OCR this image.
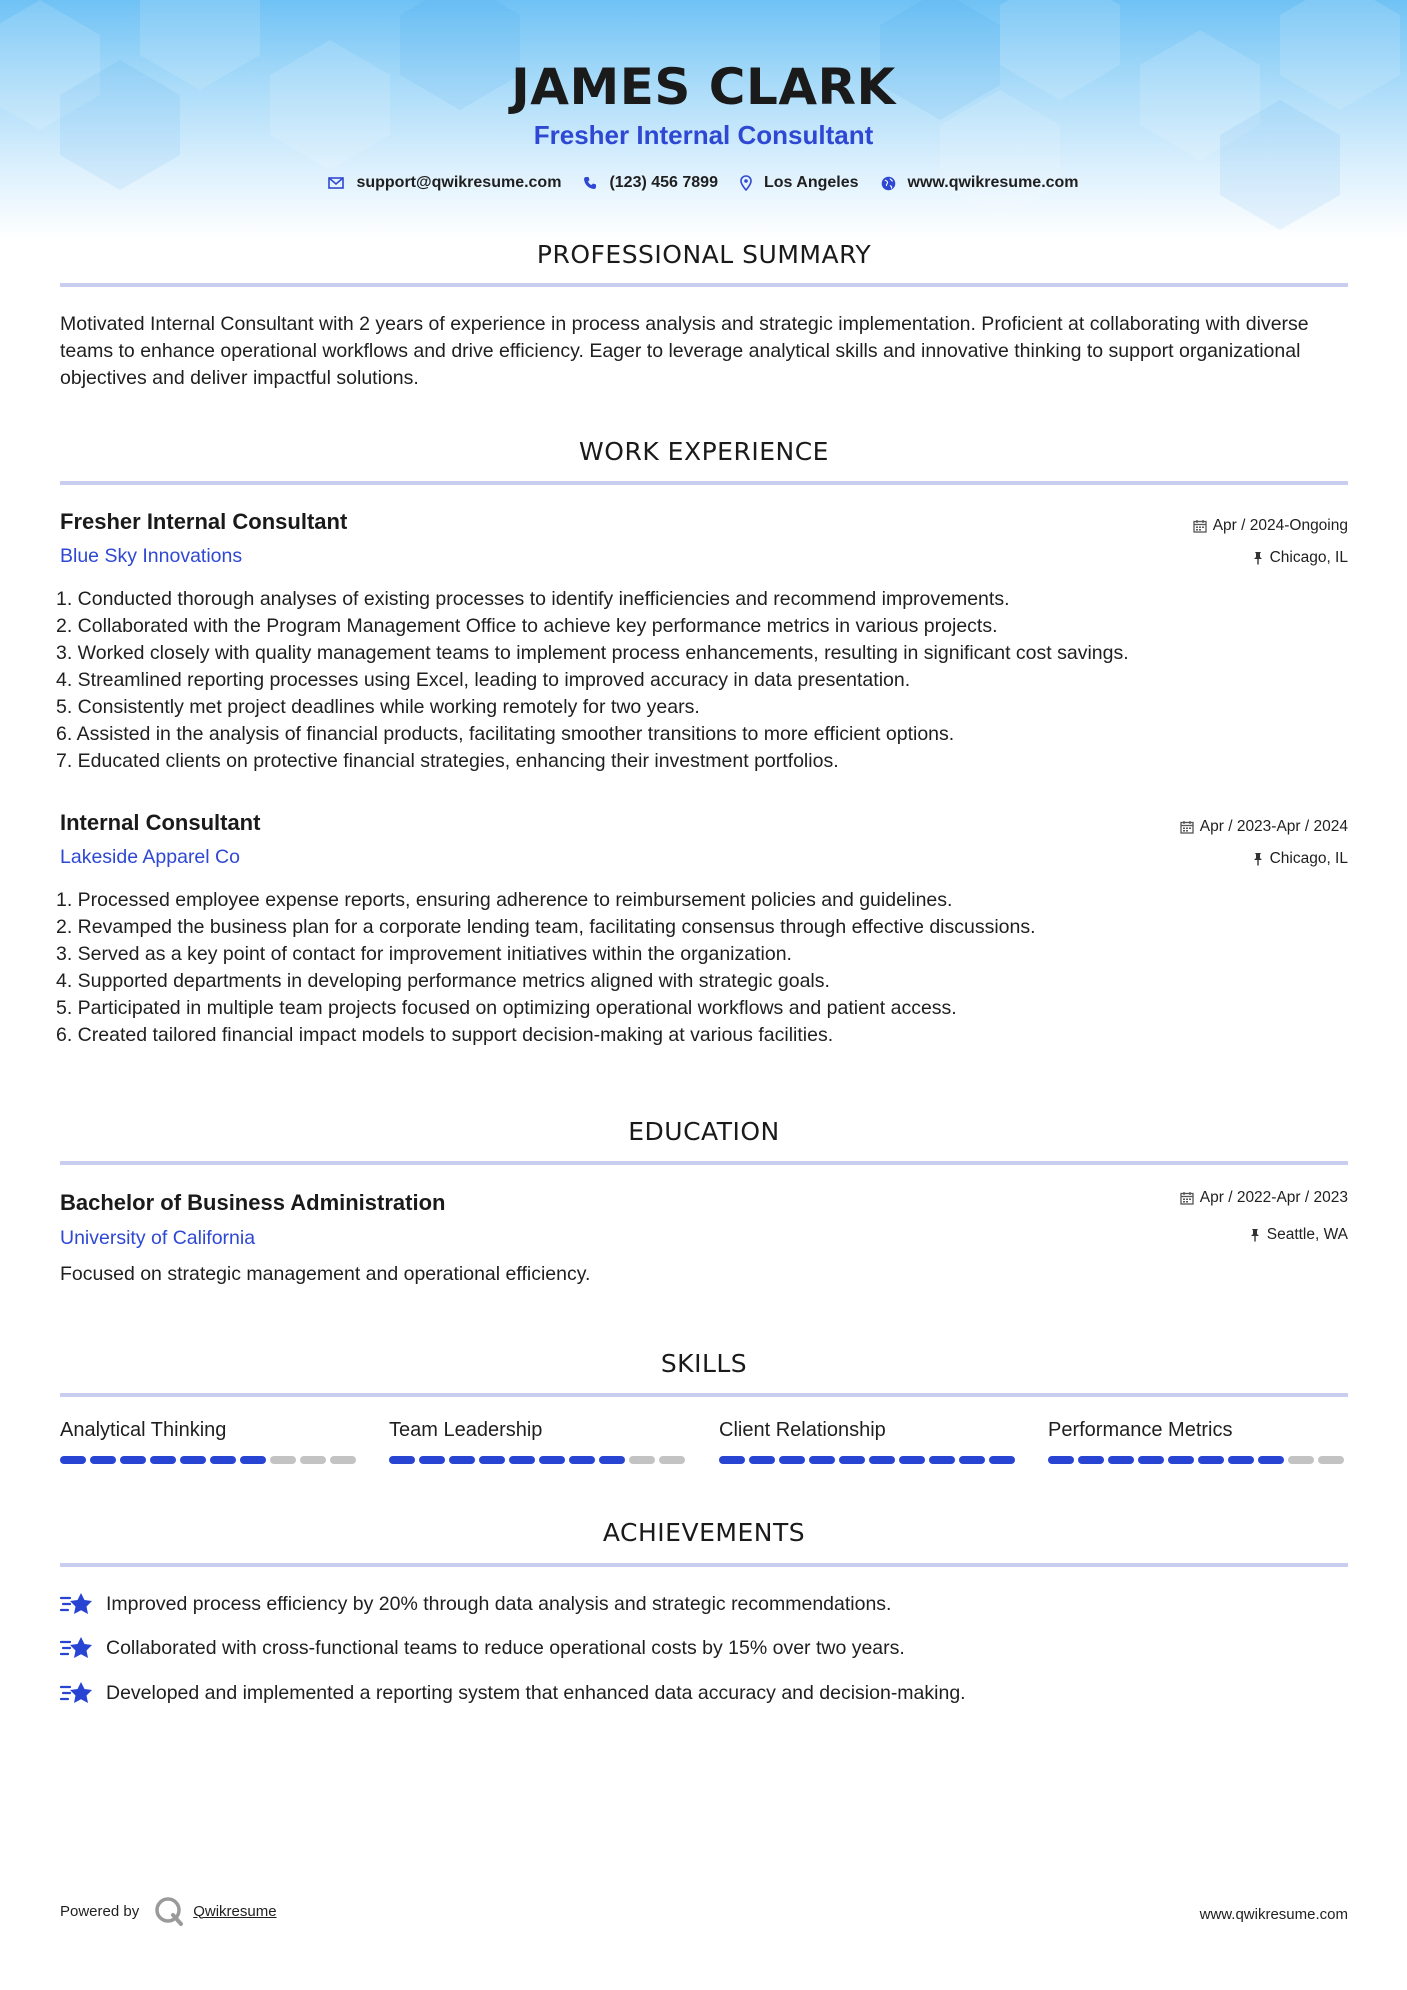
JAMES CLARK
Fresher Internal Consultant
support@qwikresume.com	(123) 456 7899	Los Angeles	www.qwikresume.com
PROFESSIONAL SUMMARY
Motivated Internal Consultant with 2 years of experience in process analysis and strategic implementation. Proficient at collaborating with diverse teams to enhance operational workflows and drive efficiency. Eager to leverage analytical skills and innovative thinking to support organizational objectives and deliver impactful solutions.
WORK EXPERIENCE
Fresher Internal Consultant	Apr / 2024-Ongoing
Blue Sky Innovations	Chicago, IL
1. Conducted thorough analyses of existing processes to identify inefficiencies and recommend improvements.
2. Collaborated with the Program Management Office to achieve key performance metrics in various projects.
3. Worked closely with quality management teams to implement process enhancements, resulting in significant cost savings.
4. Streamlined reporting processes using Excel, leading to improved accuracy in data presentation.
5. Consistently met project deadlines while working remotely for two years.
6. Assisted in the analysis of financial products, facilitating smoother transitions to more efficient options.
7. Educated clients on protective financial strategies, enhancing their investment portfolios.
Internal Consultant	Apr / 2023-Apr / 2024
Lakeside Apparel Co	Chicago, IL
1. Processed employee expense reports, ensuring adherence to reimbursement policies and guidelines.
2. Revamped the business plan for a corporate lending team, facilitating consensus through effective discussions.
3. Served as a key point of contact for improvement initiatives within the organization.
4. Supported departments in developing performance metrics aligned with strategic goals.
5. Participated in multiple team projects focused on optimizing operational workflows and patient access.
6. Created tailored financial impact models to support decision-making at various facilities.
EDUCATION
Bachelor of Business Administration	Apr / 2022-Apr / 2023
University of California	Seattle, WA
Focused on strategic management and operational efficiency.
SKILLS
Analytical Thinking	Team Leadership	Client Relationship	Performance Metrics
ACHIEVEMENTS
Improved process efficiency by 20% through data analysis and strategic recommendations.
Collaborated with cross-functional teams to reduce operational costs by 15% over two years.
Developed and implemented a reporting system that enhanced data accuracy and decision-making.
Powered by	Qwikresume	www.qwikresume.com
